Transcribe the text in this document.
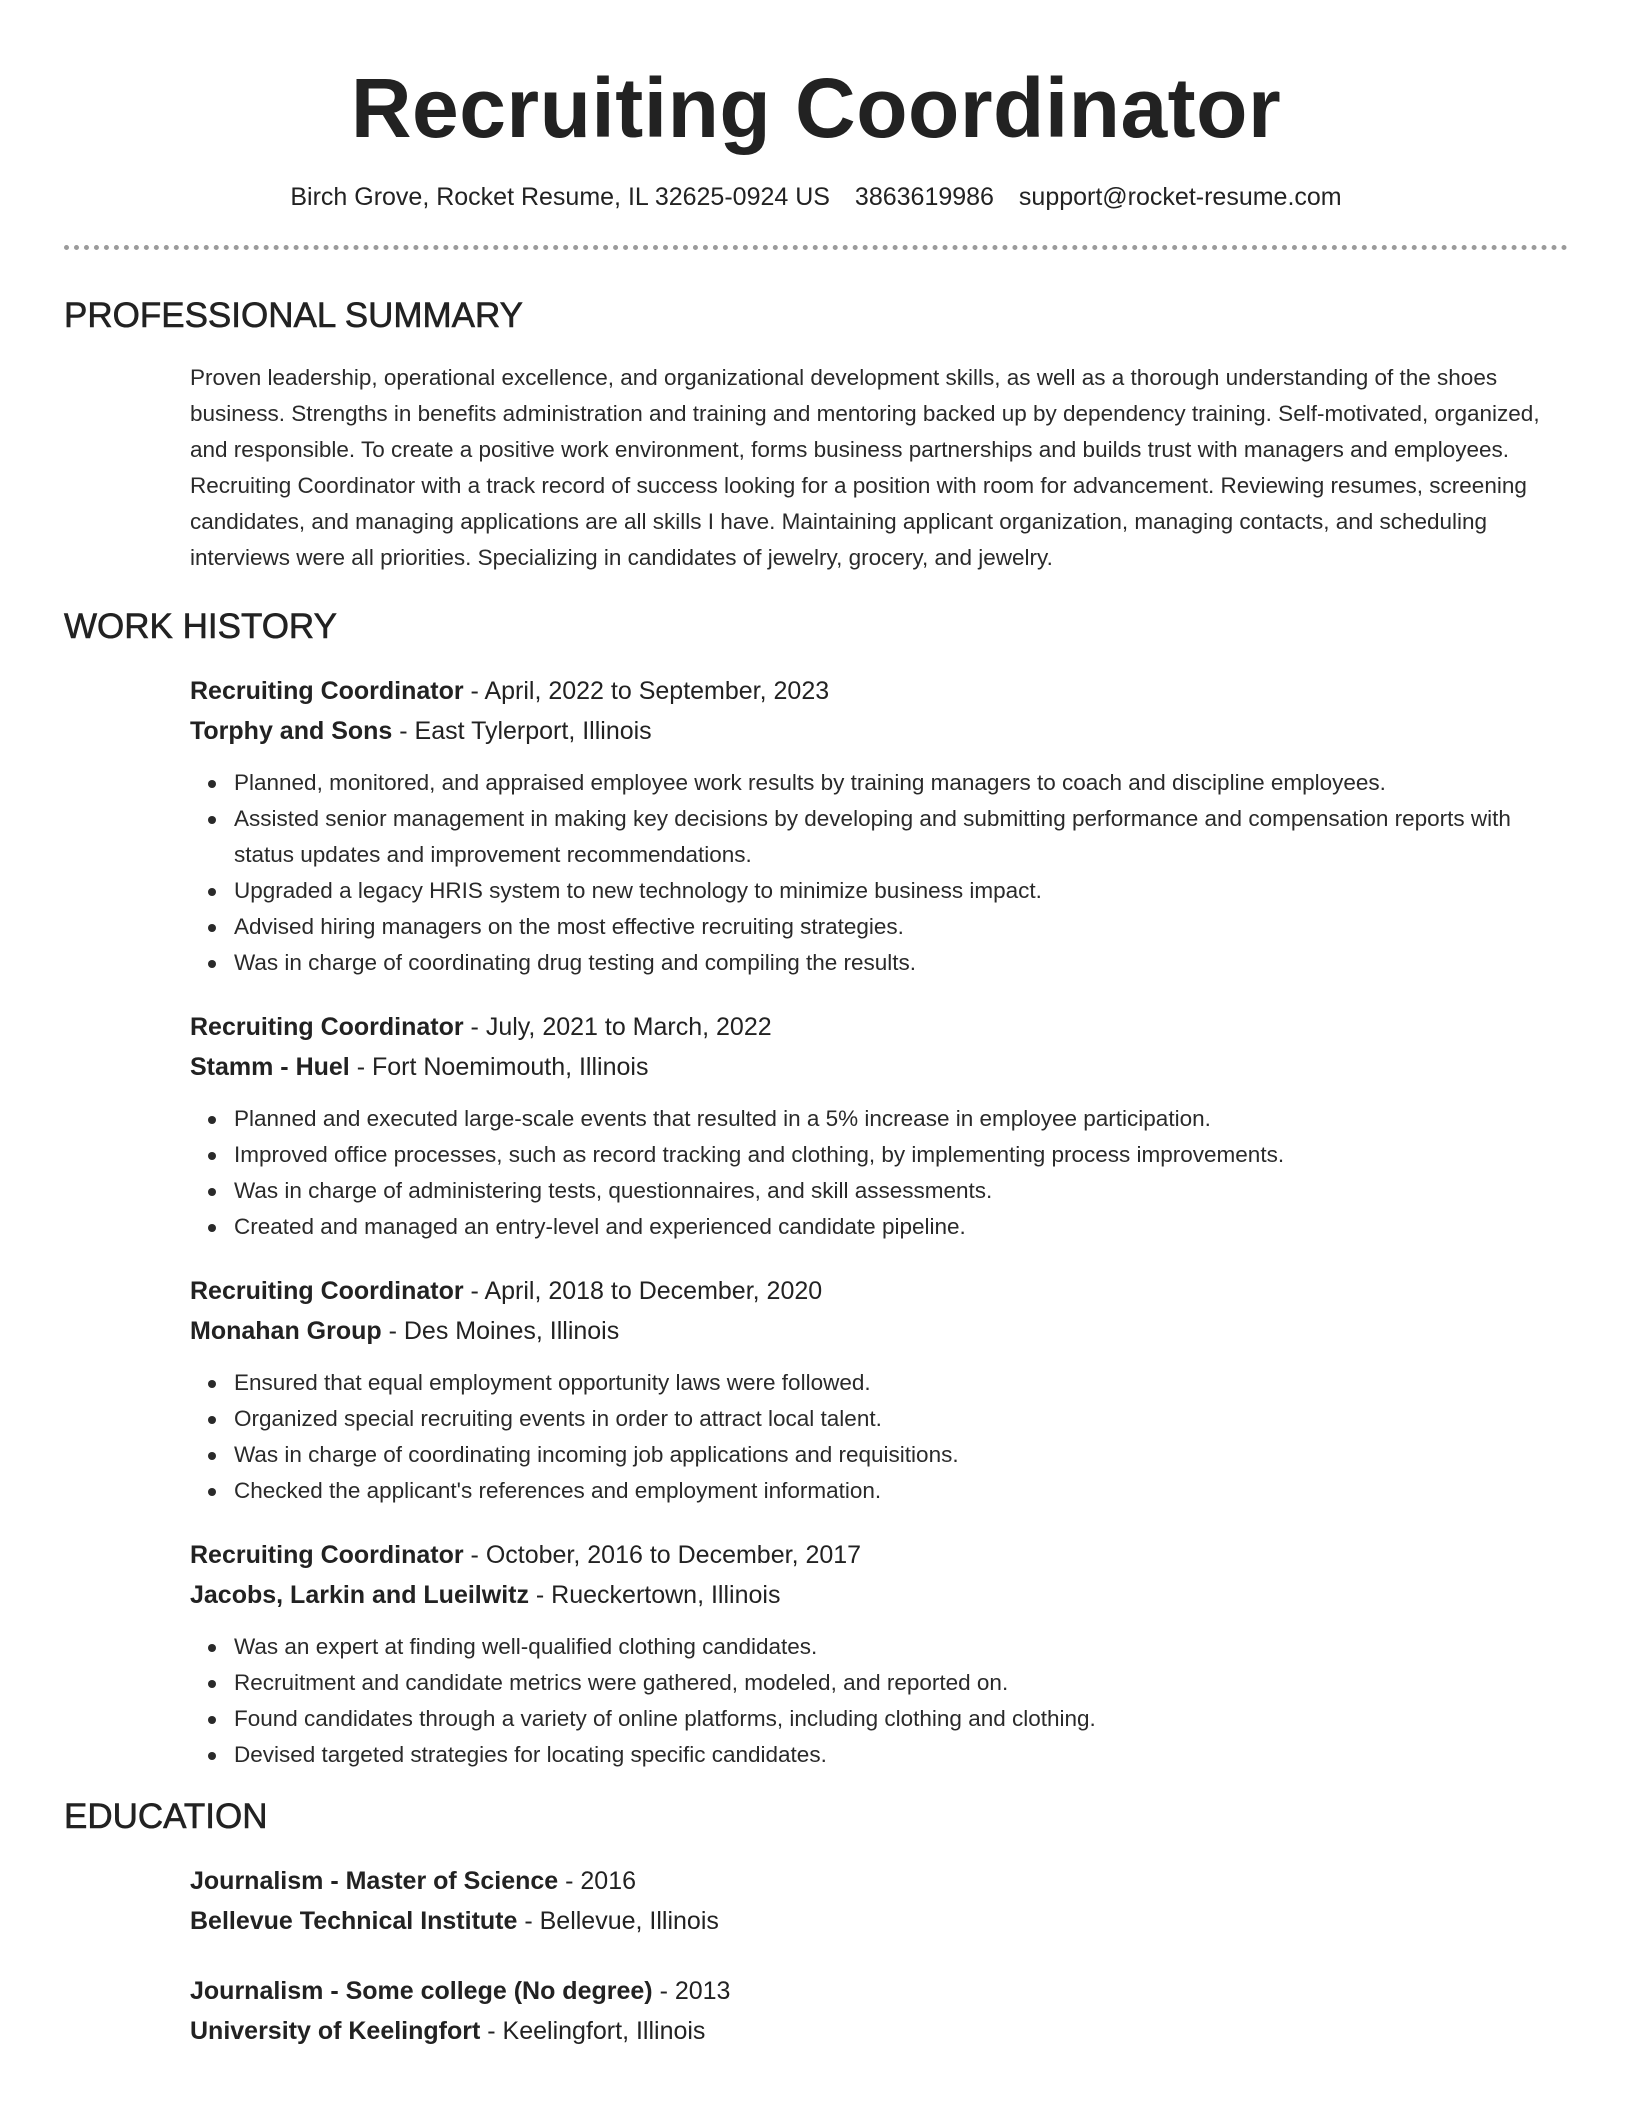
Recruiting Coordinator
Birch Grove, Rocket Resume, IL 32625-0924 US 3863619986 support@rocket-resume.com
PROFESSIONAL SUMMARY
Proven leadership, operational excellence, and organizational development skills, as well as a thorough understanding of the shoes business. Strengths in benefits administration and training and mentoring backed up by dependency training. Self-motivated, organized, and responsible. To create a positive work environment, forms business partnerships and builds trust with managers and employees. Recruiting Coordinator with a track record of success looking for a position with room for advancement. Reviewing resumes, screening candidates, and managing applications are all skills I have. Maintaining applicant organization, managing contacts, and scheduling interviews were all priorities. Specializing in candidates of jewelry, grocery, and jewelry.
WORK HISTORY
Recruiting Coordinator - April, 2022 to September, 2023
Torphy and Sons - East Tylerport, Illinois
Planned, monitored, and appraised employee work results by training managers to coach and discipline employees.
Assisted senior management in making key decisions by developing and submitting performance and compensation reports with status updates and improvement recommendations.
Upgraded a legacy HRIS system to new technology to minimize business impact.
Advised hiring managers on the most effective recruiting strategies.
Was in charge of coordinating drug testing and compiling the results.
Recruiting Coordinator - July, 2021 to March, 2022
Stamm - Huel - Fort Noemimouth, Illinois
Planned and executed large-scale events that resulted in a 5% increase in employee participation.
Improved office processes, such as record tracking and clothing, by implementing process improvements.
Was in charge of administering tests, questionnaires, and skill assessments.
Created and managed an entry-level and experienced candidate pipeline.
Recruiting Coordinator - April, 2018 to December, 2020
Monahan Group - Des Moines, Illinois
Ensured that equal employment opportunity laws were followed.
Organized special recruiting events in order to attract local talent.
Was in charge of coordinating incoming job applications and requisitions.
Checked the applicant's references and employment information.
Recruiting Coordinator - October, 2016 to December, 2017
Jacobs, Larkin and Lueilwitz - Rueckertown, Illinois
Was an expert at finding well-qualified clothing candidates.
Recruitment and candidate metrics were gathered, modeled, and reported on.
Found candidates through a variety of online platforms, including clothing and clothing.
Devised targeted strategies for locating specific candidates.
EDUCATION
Journalism - Master of Science - 2016
Bellevue Technical Institute - Bellevue, Illinois
Journalism - Some college (No degree) - 2013
University of Keelingfort - Keelingfort, Illinois
